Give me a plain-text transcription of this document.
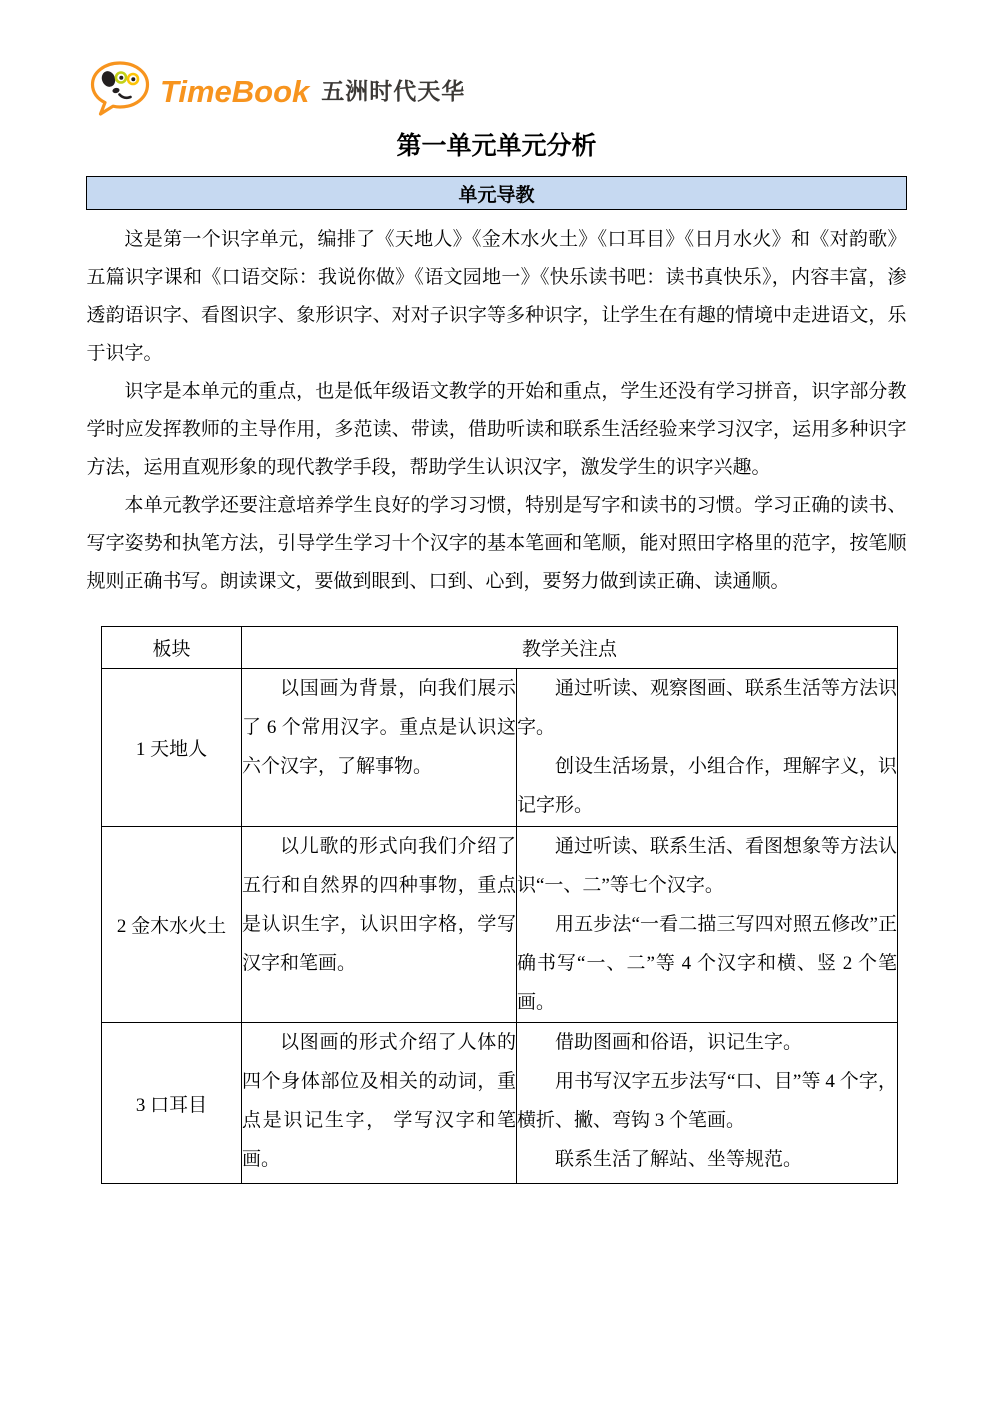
TimeBook 五洲时代天华
第一单元单元分析
单元导教

这是第一个识字单元，编排了《天地人》《金木水火土》《口耳目》《日月水火》和《对韵歌》五篇识字课和《口语交际：我说你做》《语文园地一》《快乐读书吧：读书真快乐》，内容丰富，渗透韵语识字、看图识字、象形识字、对对子识字等多种识字，让学生在有趣的情境中走进语文，乐于识字。

识字是本单元的重点，也是低年级语文教学的开始和重点，学生还没有学习拼音，识字部分教学时应发挥教师的主导作用，多范读、带读，借助听读和联系生活经验来学习汉字，运用多种识字方法，运用直观形象的现代教学手段，帮助学生认识汉字，激发学生的识字兴趣。

本单元教学还要注意培养学生良好的学习习惯，特别是写字和读书的习惯。学习正确的读书、写字姿势和执笔方法，引导学生学习十个汉字的基本笔画和笔顺，能对照田字格里的范字，按笔顺规则正确书写。朗读课文，要做到眼到、口到、心到，要努力做到读正确、读通顺。

板块	教学关注点	
1 天地人	以国画为背景，向我们展示了 6 个常用汉字。重点是认识这六个汉字，了解事物。	通过听读、观察图画、联系生活等方法识字。

创设生活场景，小组合作，理解字义，识记字形。

2 金木水火土	以儿歌的形式向我们介绍了五行和自然界的四种事物，重点是认识生字，认识田字格，学写汉字和笔画。	通过听读、联系生活、看图想象等方法认识“一、二”等七个汉字。

用五步法“一看二描三写四对照五修改”正确书写“一、二”等 4 个汉字和横、竖 2 个笔画。

3 口耳目	以图画的形式介绍了人体的四个身体部位及相关的动词，重点是识记生字， 学写汉字和笔画。	借助图画和俗语，识记生字。

用书写汉字五步法写“口、目”等 4 个字，横折、撇、弯钩 3 个笔画。

联系生活了解站、坐等规范。
